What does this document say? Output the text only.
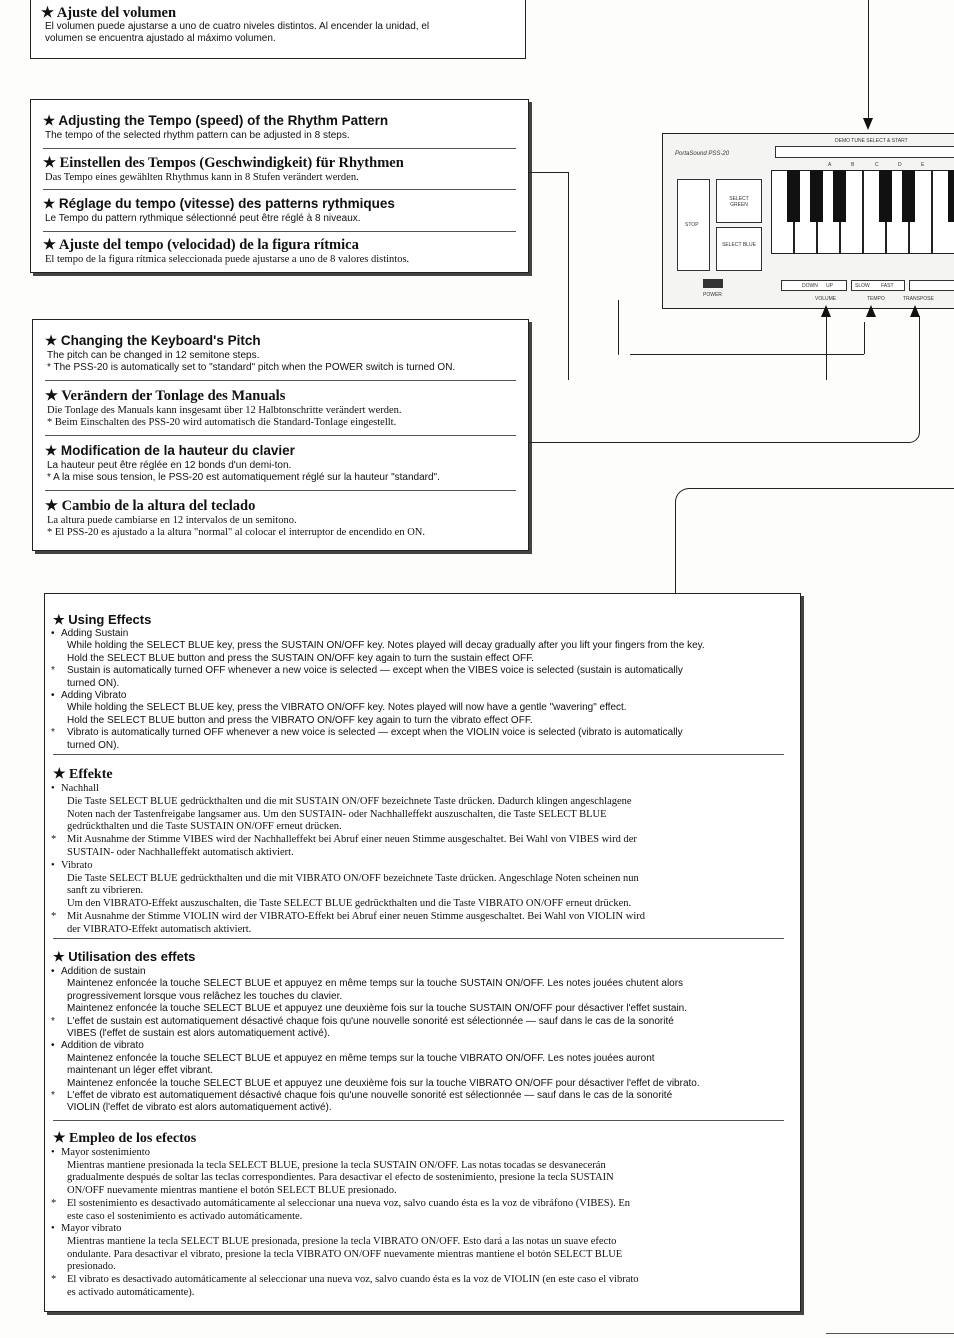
★ Ajuste del volumen
El volumen puede ajustarse a uno de cuatro niveles distintos. Al encender la unidad, el
volumen se encuentra ajustado al máximo volumen.
★ Adjusting the Tempo (speed) of the Rhythm Pattern
The tempo of the selected rhythm pattern can be adjusted in 8 steps.
★ Einstellen des Tempos (Geschwindigkeit) für Rhythmen
Das Tempo eines gewählten Rhythmus kann in 8 Stufen verändert werden.
★ Réglage du tempo (vitesse) des patterns rythmiques
Le Tempo du pattern rythmique sélectionné peut être réglé à 8 niveaux.
★ Ajuste del tempo (velocidad) de la figura rítmica
El tempo de la figura rítmica seleccionada puede ajustarse a uno de 8 valores distintos.
★ Changing the Keyboard's Pitch
The pitch can be changed in 12 semitone steps.
* The PSS-20 is automatically set to "standard" pitch when the POWER switch is turned ON.
★ Verändern der Tonlage des Manuals
Die Tonlage des Manuals kann insgesamt über 12 Halbtonschritte verändert werden.
* Beim Einschalten des PSS-20 wird automatisch die Standard-Tonlage eingestellt.
★ Modification de la hauteur du clavier
La hauteur peut être réglée en 12 bonds d'un demi-ton.
* A la mise sous tension, le PSS-20 est automatiquement réglé sur la hauteur "standard".
★ Cambio de la altura del teclado
La altura puede cambiarse en 12 intervalos de un semitono.
* El PSS-20 es ajustado a la altura "normal" al colocar el interruptor de encendido en ON.
DEMO TUNE SELECT & START
PortaSound PSS-20
STOP
SELECT GREEN
SELECT BLUE
A	B	C	D	E
POWER
DOWN UP	SLOW FAST
VOLUME	TEMPO	TRANSPOSE
★ Using Effects
• Adding Sustain
While holding the SELECT BLUE key, press the SUSTAIN ON/OFF key. Notes played will decay gradually after you lift your fingers from the key.
Hold the SELECT BLUE button and press the SUSTAIN ON/OFF key again to turn the sustain effect OFF.
* Sustain is automatically turned OFF whenever a new voice is selected — except when the VIBES voice is selected (sustain is automatically
turned ON).
• Adding Vibrato
While holding the SELECT BLUE key, press the VIBRATO ON/OFF key. Notes played will now have a gentle "wavering" effect.
Hold the SELECT BLUE button and press the VIBRATO ON/OFF key again to turn the vibrato effect OFF.
* Vibrato is automatically turned OFF whenever a new voice is selected — except when the VIOLIN voice is selected (vibrato is automatically
turned ON).
★ Effekte
• Nachhall
Die Taste SELECT BLUE gedrückthalten und die mit SUSTAIN ON/OFF bezeichnete Taste drücken. Dadurch klingen angeschlagene
Noten nach der Tastenfreigabe langsamer aus. Um den SUSTAIN- oder Nachhalleffekt auszuschalten, die Taste SELECT BLUE
gedrückthalten und die Taste SUSTAIN ON/OFF erneut drücken.
* Mit Ausnahme der Stimme VIBES wird der Nachhalleffekt bei Abruf einer neuen Stimme ausgeschaltet. Bei Wahl von VIBES wird der
SUSTAIN- oder Nachhalleffekt automatisch aktiviert.
• Vibrato
Die Taste SELECT BLUE gedrückthalten und die mit VIBRATO ON/OFF bezeichnete Taste drücken. Angeschlage Noten scheinen nun
sanft zu vibrieren.
Um den VIBRATO-Effekt auszuschalten, die Taste SELECT BLUE gedrückthalten und die Taste VIBRATO ON/OFF erneut drücken.
* Mit Ausnahme der Stimme VIOLIN wird der VIBRATO-Effekt bei Abruf einer neuen Stimme ausgeschaltet. Bei Wahl von VIOLIN wird
der VIBRATO-Effekt automatisch aktiviert.
★ Utilisation des effets
• Addition de sustain
Maintenez enfoncée la touche SELECT BLUE et appuyez en même temps sur la touche SUSTAIN ON/OFF. Les notes jouées chutent alors
progressivement lorsque vous relâchez les touches du clavier.
Maintenez enfoncée la touche SELECT BLUE et appuyez une deuxième fois sur la touche SUSTAIN ON/OFF pour désactiver l'effet sustain.
* L'effet de sustain est automatiquement désactivé chaque fois qu'une nouvelle sonorité est sélectionnée — sauf dans le cas de la sonorité
VIBES (l'effet de sustain est alors automatiquement activé).
• Addition de vibrato
Maintenez enfoncée la touche SELECT BLUE et appuyez en même temps sur la touche VIBRATO ON/OFF. Les notes jouées auront
maintenant un léger effet vibrant.
Maintenez enfoncée la touche SELECT BLUE et appuyez une deuxième fois sur la touche VIBRATO ON/OFF pour désactiver l'effet de vibrato.
* L'effet de vibrato est automatiquement désactivé chaque fois qu'une nouvelle sonorité est sélectionnée — sauf dans le cas de la sonorité
VIOLIN (l'effet de vibrato est alors automatiquement activé).
★ Empleo de los efectos
• Mayor sostenimiento
Mientras mantiene presionada la tecla SELECT BLUE, presione la tecla SUSTAIN ON/OFF. Las notas tocadas se desvanecerán
gradualmente después de soltar las teclas correspondientes. Para desactivar el efecto de sostenimiento, presione la tecla SUSTAIN
ON/OFF nuevamente mientras mantiene el botón SELECT BLUE presionado.
* El sostenimiento es desactivado automáticamente al seleccionar una nueva voz, salvo cuando ésta es la voz de vibráfono (VIBES). En
este caso el sostenimiento es activado automáticamente.
• Mayor vibrato
Mientras mantiene la tecla SELECT BLUE presionada, presione la tecla VIBRATO ON/OFF. Esto dará a las notas un suave efecto
ondulante. Para desactivar el vibrato, presione la tecla VIBRATO ON/OFF nuevamente mientras mantiene el botón SELECT BLUE
presionado.
* El vibrato es desactivado automáticamente al seleccionar una nueva voz, salvo cuando ésta es la voz de VIOLIN (en este caso el vibrato
es activado automáticamente).
